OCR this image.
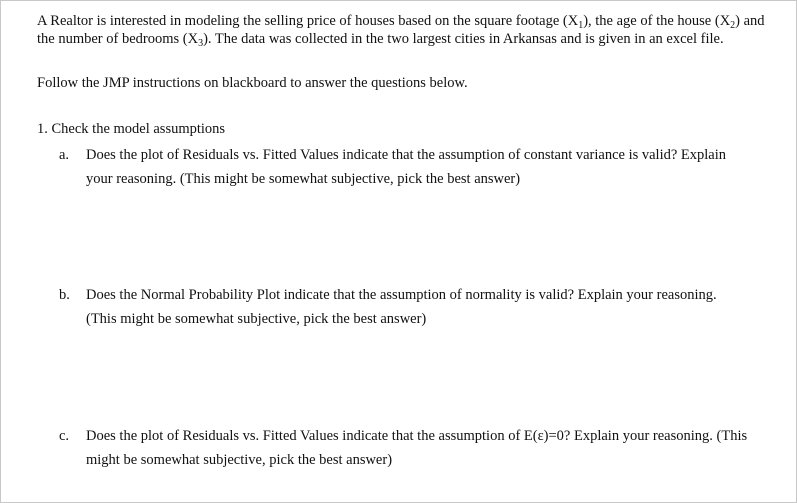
A Realtor is interested in modeling the selling price of houses based on the square footage $(X_1)$, the age of the house $(X_2)$ and the number of bedrooms $(X_3)$. The data was collected in the two largest cities in Arkansas and is given in an excel file.
Follow the JMP instructions on blackboard to answer the questions below.
1. Check the model assumptions
a. Does the plot of Residuals vs. Fitted Values indicate that the assumption of constant variance is valid? Explain your reasoning. (This might be somewhat subjective, pick the best answer)
b. Does the Normal Probability Plot indicate that the assumption of normality is valid? Explain your reasoning. (This might be somewhat subjective, pick the best answer)
c. Does the plot of Residuals vs. Fitted Values indicate that the assumption of E(ε)=0? Explain your reasoning. (This might be somewhat subjective, pick the best answer)
